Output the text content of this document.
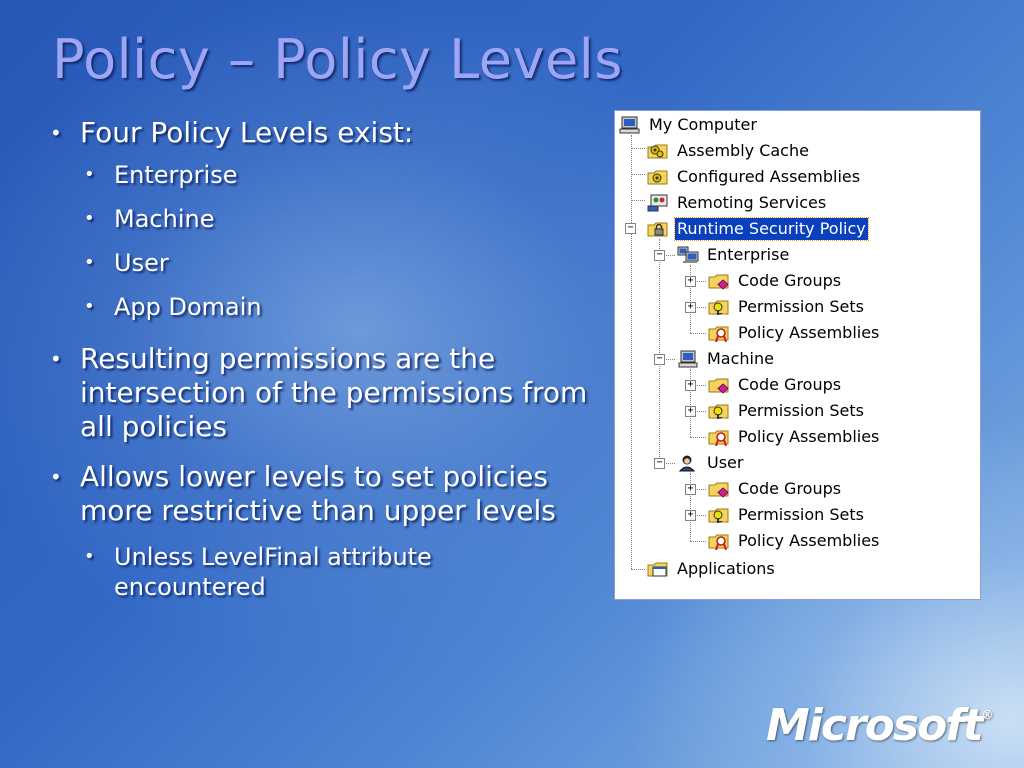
Policy – Policy Levels
• Four Policy Levels exist:
• Enterprise
• Machine
• User
• App Domain
• Resulting permissions are the intersection of the permissions from all policies
• Allows lower levels to set policies more restrictive than upper levels
• Unless LevelFinal attribute encountered
−
−
+
+
−
+
+
−
+
+
My Computer
Assembly Cache
Configured Assemblies
Remoting Services
Runtime Security Policy
Enterprise
Code Groups
Permission Sets
Policy Assemblies
Machine
Code Groups
Permission Sets
Policy Assemblies
User
Code Groups
Permission Sets
Policy Assemblies
Applications
Microsoft®
